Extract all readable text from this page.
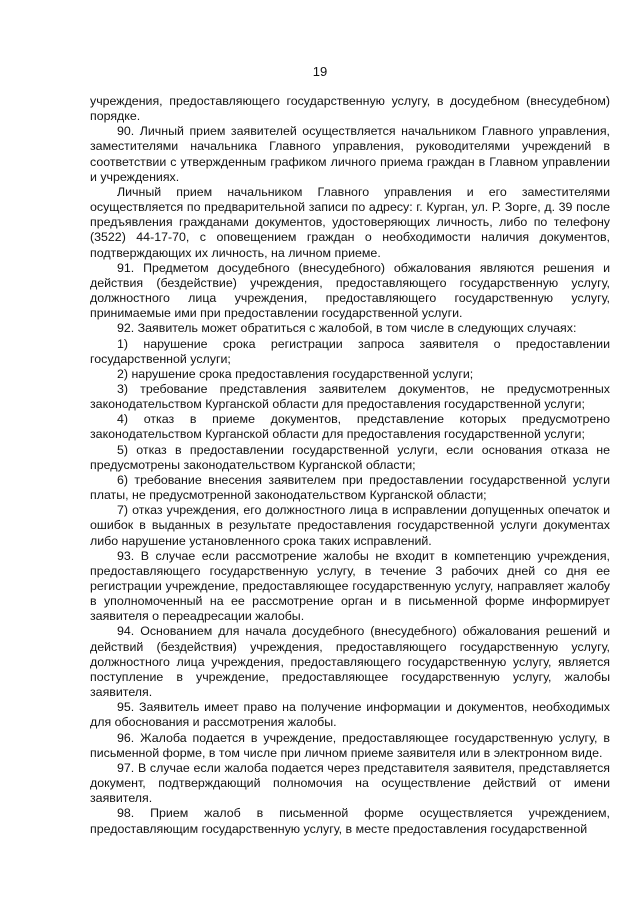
19

учреждения, предоставляющего государственную услугу, в досудебном (внесудебном) порядке.

90. Личный прием заявителей осуществляется начальником Главного управления, заместителями начальника Главного управления, руководителями учреждений в соответствии с утвержденным графиком личного приема граждан в Главном управлении и учреждениях.

Личный прием начальником Главного управления и его заместителями осуществляется по предварительной записи по адресу: г. Курган, ул. Р. Зорге, д. 39 после предъявления гражданами документов, удостоверяющих личность, либо по телефону (3522) 44-17-70, с оповещением граждан о необходимости наличия документов, подтверждающих их личность, на личном приеме.

91. Предметом досудебного (внесудебного) обжалования являются решения и действия (бездействие) учреждения, предоставляющего государственную услугу, должностного лица учреждения, предоставляющего государственную услугу, принимаемые ими при предоставлении государственной услуги.

92. Заявитель может обратиться с жалобой, в том числе в следующих случаях:

1) нарушение срока регистрации запроса заявителя о предоставлении государственной услуги;

2) нарушение срока предоставления государственной услуги;

3) требование представления заявителем документов, не предусмотренных законодательством Курганской области для предоставления государственной услуги;

4) отказ в приеме документов, представление которых предусмотрено законодательством Курганской области для предоставления государственной услуги;

5) отказ в предоставлении государственной услуги, если основания отказа не предусмотрены законодательством Курганской области;

6) требование внесения заявителем при предоставлении государственной услуги платы, не предусмотренной законодательством Курганской области;

7) отказ учреждения, его должностного лица в исправлении допущенных опечаток и ошибок в выданных в результате предоставления государственной услуги документах либо нарушение установленного срока таких исправлений.

93. В случае если рассмотрение жалобы не входит в компетенцию учреждения, предоставляющего государственную услугу, в течение 3 рабочих дней со дня ее регистрации учреждение, предоставляющее государственную услугу, направляет жалобу в уполномоченный на ее рассмотрение орган и в письменной форме информирует заявителя о переадресации жалобы.

94. Основанием для начала досудебного (внесудебного) обжалования решений и действий (бездействия) учреждения, предоставляющего государственную услугу, должностного лица учреждения, предоставляющего государственную услугу, является поступление в учреждение, предоставляющее государственную услугу, жалобы заявителя.

95. Заявитель имеет право на получение информации и документов, необходимых для обоснования и рассмотрения жалобы.

96. Жалоба подается в учреждение, предоставляющее государственную услугу, в письменной форме, в том числе при личном приеме заявителя или в электронном виде.

97. В случае если жалоба подается через представителя заявителя, представляется документ, подтверждающий полномочия на осуществление действий от имени заявителя.

98. Прием жалоб в письменной форме осуществляется учреждением, предоставляющим государственную услугу, в месте предоставления государственной
